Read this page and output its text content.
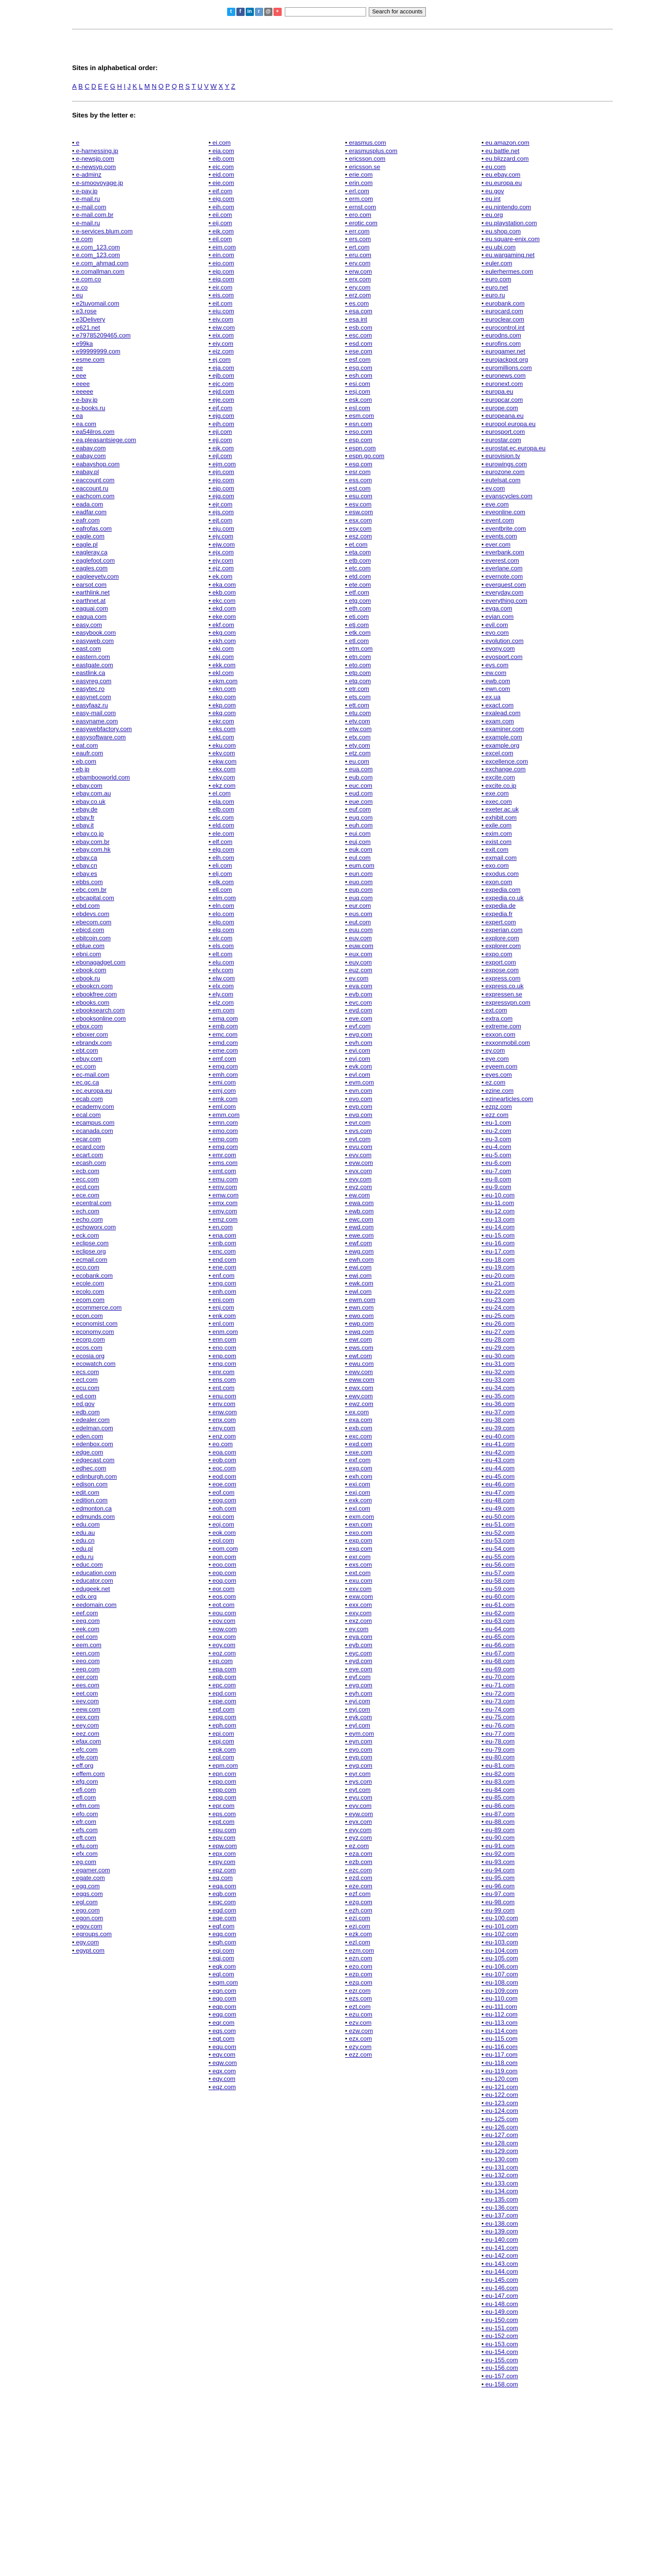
t	f	in	r	@	+	Search for accounts
Sites in alphabetical order:
A B C D E F G H I J K L M N O P Q R S T U V W X Y Z
Sites by the letter e:
• e
• e-harnessing.jp
• e-newsjp.com
• e-newsyp.com
• e-adminz
• e-smoovoyage.jp
• e-pay.jp
• e-mail.ru
• e-mail.com
• e-mail.com.br
• e-mail.ru
• e-services.blum.com
• e.com
• e.com_123.com
• e.com_123.com
• e.com_ahmad.com
• e.comallman.com
• e.com.co
• e.co
• eu
• e2tuvomail.com
• e3.rose
• e3Delivery
• e621.net
• e79785209465.com
• e99ka
• e99999999.com
• esme.com
• ee
• eee
• eeee
• eeeee
• e-bay.jp
• e-books.ru
• ea
• ea.com
• ea54ilros.com
• ea.pleasantsiege.com
• eabay.com
• eabay.com
• eabayshop.com
• eabay.pl
• eaccount.com
• eaccount.ru
• eachcom.com
• eada.com
• eadfar.com
• eafr.com
• eafrofas.com
• eagle.com
• eagle.pl
• eagleray.ca
• eaglefoot.com
• eagles.com
• eagleeyetv.com
• earsot.com
• earthlink.net
• earthnet.at
• eaguai.com
• eaqua.com
• easy.com
• easybook.com
• easyweb.com
• east.com
• eastern.com
• eastgate.com
• eastlink.ca
• easyreg.com
• easytec.ro
• easynet.com
• easyfaaz.ru
• easy-mail.com
• easyname.com
• easywebfactory.com
• easysoftware.com
• eat.com
• eaufr.com
• eb.com
• eb.jp
• ebambooworld.com
• ebay.com
• ebay.com.au
• ebay.co.uk
• ebay.de
• ebay.fr
• ebay.it
• ebay.co.jp
• ebay.com.br
• ebay.com.hk
• ebay.ca
• ebay.cn
• ebay.es
• ebbs.com
• ebc.com.br
• ebcapital.com
• ebd.com
• ebdevs.com
• ebecom.com
• ebicd.com
• ebitcoin.com
• eblue.com
• ebni.com
• ebonagadget.com
• ebook.com
• ebook.ru
• ebookcn.com
• ebookfree.com
• ebooks.com
• ebooksearch.com
• ebooksonline.com
• ebox.com
• eboxer.com
• ebrandx.com
• ebt.com
• ebuy.com
• ec.com
• ec-mail.com
• ec.gc.ca
• ec.europa.eu
• ecab.com
• ecademy.com
• ecal.com
• ecampus.com
• ecanada.com
• ecar.com
• ecard.com
• ecart.com
• ecash.com
• ecb.com
• ecc.com
• ecd.com
• ece.com
• ecentral.com
• ech.com
• echo.com
• echoworx.com
• eck.com
• eclipse.com
• eclipse.org
• ecmail.com
• eco.com
• ecobank.com
• ecole.com
• ecolo.com
• ecom.com
• ecommerce.com
• econ.com
• economist.com
• economy.com
• ecorp.com
• ecos.com
• ecosia.org
• ecowatch.com
• ecs.com
• ect.com
• ecu.com
• ed.com
• ed.gov
• edb.com
• edealer.com
• edelman.com
• eden.com
• edenbox.com
• edge.com
• edgecast.com
• edhec.com
• edinburgh.com
• edison.com
• edit.com
• edition.com
• edmonton.ca
• edmunds.com
• edu.com
• edu.au
• edu.cn
• edu.pl
• edu.ru
• educ.com
• education.com
• educator.com
• edugeek.net
• edx.org
• eedomain.com
• eef.com
• eeg.com
• eek.com
• eel.com
• eem.com
• een.com
• eeo.com
• eep.com
• eer.com
• ees.com
• eet.com
• eev.com
• eew.com
• eex.com
• eey.com
• eez.com
• efax.com
• efc.com
• efe.com
• eff.org
• effem.com
• efg.com
• efi.com
• efl.com
• efm.com
• efo.com
• efr.com
• efs.com
• eft.com
• efu.com
• efx.com
• eg.com
• egamer.com
• egate.com
• egg.com
• eggs.com
• egl.com
• ego.com
• egon.com
• egov.com
• egroups.com
• egy.com
• egypt.com
• ei.com
• eia.com
• eib.com
• eic.com
• eid.com
• eie.com
• eif.com
• eig.com
• eih.com
• eii.com
• eij.com
• eik.com
• eil.com
• eim.com
• ein.com
• eio.com
• eip.com
• eiq.com
• eir.com
• eis.com
• eit.com
• eiu.com
• eiv.com
• eiw.com
• eix.com
• eiy.com
• eiz.com
• ej.com
• eja.com
• ejb.com
• ejc.com
• ejd.com
• eje.com
• ejf.com
• ejg.com
• ejh.com
• eji.com
• ejj.com
• ejk.com
• ejl.com
• ejm.com
• ejn.com
• ejo.com
• ejp.com
• ejq.com
• ejr.com
• ejs.com
• ejt.com
• eju.com
• ejv.com
• ejw.com
• ejx.com
• ejy.com
• ejz.com
• ek.com
• eka.com
• ekb.com
• ekc.com
• ekd.com
• eke.com
• ekf.com
• ekg.com
• ekh.com
• eki.com
• ekj.com
• ekk.com
• ekl.com
• ekm.com
• ekn.com
• eko.com
• ekp.com
• ekq.com
• ekr.com
• eks.com
• ekt.com
• eku.com
• ekv.com
• ekw.com
• ekx.com
• eky.com
• ekz.com
• el.com
• ela.com
• elb.com
• elc.com
• eld.com
• ele.com
• elf.com
• elg.com
• elh.com
• eli.com
• elj.com
• elk.com
• ell.com
• elm.com
• eln.com
• elo.com
• elp.com
• elq.com
• elr.com
• els.com
• elt.com
• elu.com
• elv.com
• elw.com
• elx.com
• ely.com
• elz.com
• em.com
• ema.com
• emb.com
• emc.com
• emd.com
• eme.com
• emf.com
• emg.com
• emh.com
• emi.com
• emj.com
• emk.com
• eml.com
• emm.com
• emn.com
• emo.com
• emp.com
• emq.com
• emr.com
• ems.com
• emt.com
• emu.com
• emv.com
• emw.com
• emx.com
• emy.com
• emz.com
• en.com
• ena.com
• enb.com
• enc.com
• end.com
• ene.com
• enf.com
• eng.com
• enh.com
• eni.com
• enj.com
• enk.com
• enl.com
• enm.com
• enn.com
• eno.com
• enp.com
• enq.com
• enr.com
• ens.com
• ent.com
• enu.com
• env.com
• enw.com
• enx.com
• eny.com
• enz.com
• eo.com
• eoa.com
• eob.com
• eoc.com
• eod.com
• eoe.com
• eof.com
• eog.com
• eoh.com
• eoi.com
• eoj.com
• eok.com
• eol.com
• eom.com
• eon.com
• eoo.com
• eop.com
• eoq.com
• eor.com
• eos.com
• eot.com
• eou.com
• eov.com
• eow.com
• eox.com
• eoy.com
• eoz.com
• ep.com
• epa.com
• epb.com
• epc.com
• epd.com
• epe.com
• epf.com
• epg.com
• eph.com
• epi.com
• epj.com
• epk.com
• epl.com
• epm.com
• epn.com
• epo.com
• epp.com
• epq.com
• epr.com
• eps.com
• ept.com
• epu.com
• epv.com
• epw.com
• epx.com
• epy.com
• epz.com
• eq.com
• eqa.com
• eqb.com
• eqc.com
• eqd.com
• eqe.com
• eqf.com
• eqg.com
• eqh.com
• eqi.com
• eqj.com
• eqk.com
• eql.com
• eqm.com
• eqn.com
• eqo.com
• eqp.com
• eqq.com
• eqr.com
• eqs.com
• eqt.com
• equ.com
• eqv.com
• eqw.com
• eqx.com
• eqy.com
• eqz.com
• erasmus.com
• erasmusplus.com
• ericsson.com
• ericsson.se
• erie.com
• erin.com
• erl.com
• erm.com
• ernst.com
• ero.com
• erotic.com
• err.com
• ers.com
• ert.com
• eru.com
• erv.com
• erw.com
• erx.com
• ery.com
• erz.com
• es.com
• esa.com
• esa.int
• esb.com
• esc.com
• esd.com
• ese.com
• esf.com
• esg.com
• esh.com
• esi.com
• esj.com
• esk.com
• esl.com
• esm.com
• esn.com
• eso.com
• esp.com
• espn.com
• espn.go.com
• esq.com
• esr.com
• ess.com
• est.com
• esu.com
• esv.com
• esw.com
• esx.com
• esy.com
• esz.com
• et.com
• eta.com
• etb.com
• etc.com
• etd.com
• ete.com
• etf.com
• etg.com
• eth.com
• eti.com
• etj.com
• etk.com
• etl.com
• etm.com
• etn.com
• eto.com
• etp.com
• etq.com
• etr.com
• ets.com
• ett.com
• etu.com
• etv.com
• etw.com
• etx.com
• ety.com
• etz.com
• eu.com
• eua.com
• eub.com
• euc.com
• eud.com
• eue.com
• euf.com
• eug.com
• euh.com
• eui.com
• euj.com
• euk.com
• eul.com
• eum.com
• eun.com
• euo.com
• eup.com
• euq.com
• eur.com
• eus.com
• eut.com
• euu.com
• euv.com
• euw.com
• eux.com
• euy.com
• euz.com
• ev.com
• eva.com
• evb.com
• evc.com
• evd.com
• eve.com
• evf.com
• evg.com
• evh.com
• evi.com
• evj.com
• evk.com
• evl.com
• evm.com
• evn.com
• evo.com
• evp.com
• evq.com
• evr.com
• evs.com
• evt.com
• evu.com
• evv.com
• evw.com
• evx.com
• evy.com
• evz.com
• ew.com
• ewa.com
• ewb.com
• ewc.com
• ewd.com
• ewe.com
• ewf.com
• ewg.com
• ewh.com
• ewi.com
• ewj.com
• ewk.com
• ewl.com
• ewm.com
• ewn.com
• ewo.com
• ewp.com
• ewq.com
• ewr.com
• ews.com
• ewt.com
• ewu.com
• ewv.com
• eww.com
• ewx.com
• ewy.com
• ewz.com
• ex.com
• exa.com
• exb.com
• exc.com
• exd.com
• exe.com
• exf.com
• exg.com
• exh.com
• exi.com
• exj.com
• exk.com
• exl.com
• exm.com
• exn.com
• exo.com
• exp.com
• exq.com
• exr.com
• exs.com
• ext.com
• exu.com
• exv.com
• exw.com
• exx.com
• exy.com
• exz.com
• ey.com
• eya.com
• eyb.com
• eyc.com
• eyd.com
• eye.com
• eyf.com
• eyg.com
• eyh.com
• eyi.com
• eyj.com
• eyk.com
• eyl.com
• eym.com
• eyn.com
• eyo.com
• eyp.com
• eyq.com
• eyr.com
• eys.com
• eyt.com
• eyu.com
• eyv.com
• eyw.com
• eyx.com
• eyy.com
• eyz.com
• ez.com
• eza.com
• ezb.com
• ezc.com
• ezd.com
• eze.com
• ezf.com
• ezg.com
• ezh.com
• ezi.com
• ezj.com
• ezk.com
• ezl.com
• ezm.com
• ezn.com
• ezo.com
• ezp.com
• ezq.com
• ezr.com
• ezs.com
• ezt.com
• ezu.com
• ezv.com
• ezw.com
• ezx.com
• ezy.com
• ezz.com
• eu.amazon.com
• eu.battle.net
• eu.blizzard.com
• eu.com
• eu.ebay.com
• eu.europa.eu
• eu.gov
• eu.int
• eu.nintendo.com
• eu.org
• eu.playstation.com
• eu.shop.com
• eu.square-enix.com
• eu.ubi.com
• eu.wargaming.net
• euler.com
• eulerhermes.com
• euro.com
• euro.net
• euro.ru
• eurobank.com
• eurocard.com
• euroclear.com
• eurocontrol.int
• eurodns.com
• eurofins.com
• eurogamer.net
• eurojackpot.org
• euromillions.com
• euronews.com
• euronext.com
• europa.eu
• europcar.com
• europe.com
• europeana.eu
• europol.europa.eu
• eurosport.com
• eurostar.com
• eurostat.ec.europa.eu
• eurovision.tv
• eurowings.com
• eurozone.com
• eutelsat.com
• ev.com
• evanscycles.com
• eve.com
• eveonline.com
• event.com
• eventbrite.com
• events.com
• ever.com
• everbank.com
• everest.com
• everlane.com
• evernote.com
• everquest.com
• everyday.com
• everything.com
• evga.com
• evian.com
• evil.com
• evo.com
• evolution.com
• evony.com
• evosport.com
• evs.com
• ew.com
• ewb.com
• ewn.com
• ex.ua
• exact.com
• exalead.com
• exam.com
• examiner.com
• example.com
• example.org
• excel.com
• excellence.com
• exchange.com
• excite.com
• excite.co.jp
• exe.com
• exec.com
• exeter.ac.uk
• exhibit.com
• exile.com
• exim.com
• exist.com
• exit.com
• exmail.com
• exo.com
• exodus.com
• exon.com
• expedia.com
• expedia.co.uk
• expedia.de
• expedia.fr
• expert.com
• experian.com
• explore.com
• explorer.com
• expo.com
• export.com
• expose.com
• express.com
• express.co.uk
• expressen.se
• expressvpn.com
• ext.com
• extra.com
• extreme.com
• exxon.com
• exxonmobil.com
• ey.com
• eye.com
• eyeem.com
• eyes.com
• ez.com
• ezine.com
• ezinearticles.com
• ezpz.com
• ezz.com
• eu-1.com
• eu-2.com
• eu-3.com
• eu-4.com
• eu-5.com
• eu-6.com
• eu-7.com
• eu-8.com
• eu-9.com
• eu-10.com
• eu-11.com
• eu-12.com
• eu-13.com
• eu-14.com
• eu-15.com
• eu-16.com
• eu-17.com
• eu-18.com
• eu-19.com
• eu-20.com
• eu-21.com
• eu-22.com
• eu-23.com
• eu-24.com
• eu-25.com
• eu-26.com
• eu-27.com
• eu-28.com
• eu-29.com
• eu-30.com
• eu-31.com
• eu-32.com
• eu-33.com
• eu-34.com
• eu-35.com
• eu-36.com
• eu-37.com
• eu-38.com
• eu-39.com
• eu-40.com
• eu-41.com
• eu-42.com
• eu-43.com
• eu-44.com
• eu-45.com
• eu-46.com
• eu-47.com
• eu-48.com
• eu-49.com
• eu-50.com
• eu-51.com
• eu-52.com
• eu-53.com
• eu-54.com
• eu-55.com
• eu-56.com
• eu-57.com
• eu-58.com
• eu-59.com
• eu-60.com
• eu-61.com
• eu-62.com
• eu-63.com
• eu-64.com
• eu-65.com
• eu-66.com
• eu-67.com
• eu-68.com
• eu-69.com
• eu-70.com
• eu-71.com
• eu-72.com
• eu-73.com
• eu-74.com
• eu-75.com
• eu-76.com
• eu-77.com
• eu-78.com
• eu-79.com
• eu-80.com
• eu-81.com
• eu-82.com
• eu-83.com
• eu-84.com
• eu-85.com
• eu-86.com
• eu-87.com
• eu-88.com
• eu-89.com
• eu-90.com
• eu-91.com
• eu-92.com
• eu-93.com
• eu-94.com
• eu-95.com
• eu-96.com
• eu-97.com
• eu-98.com
• eu-99.com
• eu-100.com
• eu-101.com
• eu-102.com
• eu-103.com
• eu-104.com
• eu-105.com
• eu-106.com
• eu-107.com
• eu-108.com
• eu-109.com
• eu-110.com
• eu-111.com
• eu-112.com
• eu-113.com
• eu-114.com
• eu-115.com
• eu-116.com
• eu-117.com
• eu-118.com
• eu-119.com
• eu-120.com
• eu-121.com
• eu-122.com
• eu-123.com
• eu-124.com
• eu-125.com
• eu-126.com
• eu-127.com
• eu-128.com
• eu-129.com
• eu-130.com
• eu-131.com
• eu-132.com
• eu-133.com
• eu-134.com
• eu-135.com
• eu-136.com
• eu-137.com
• eu-138.com
• eu-139.com
• eu-140.com
• eu-141.com
• eu-142.com
• eu-143.com
• eu-144.com
• eu-145.com
• eu-146.com
• eu-147.com
• eu-148.com
• eu-149.com
• eu-150.com
• eu-151.com
• eu-152.com
• eu-153.com
• eu-154.com
• eu-155.com
• eu-156.com
• eu-157.com
• eu-158.com
